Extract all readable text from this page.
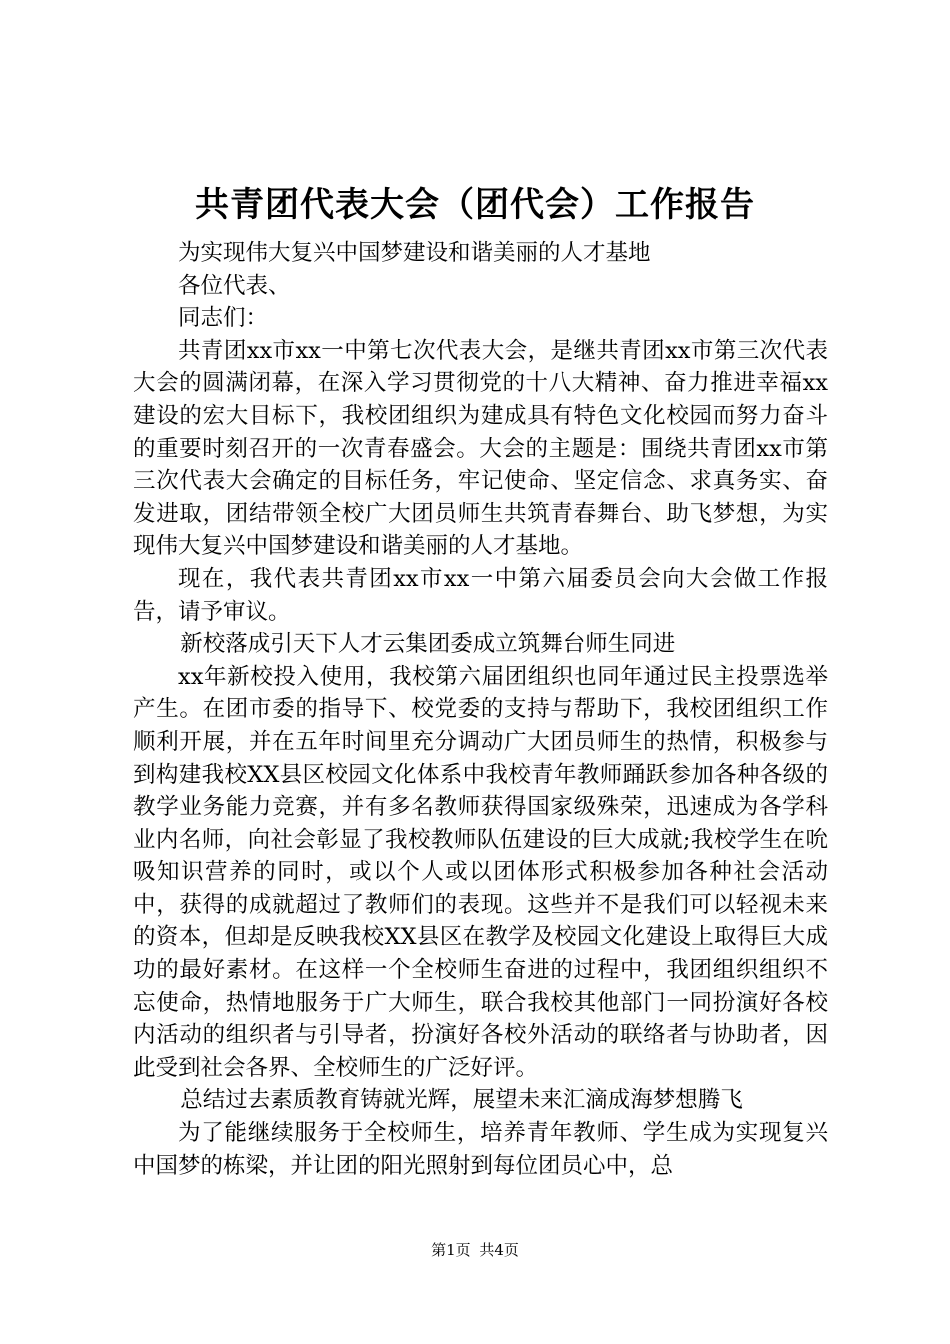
共青团代表大会（团代会）工作报告

为实现伟大复兴中国梦建设和谐美丽的人才基地

各位代表、

同志们：

共青团xx市xx一中第七次代表大会，是继共青团xx市第三次代表大会的圆满闭幕，在深入学习贯彻党的十八大精神、奋力推进幸福xx建设的宏大目标下，我校团组织为建成具有特色文化校园而努力奋斗的重要时刻召开的一次青春盛会。大会的主题是：围绕共青团xx市第三次代表大会确定的目标任务，牢记使命、坚定信念、求真务实、奋发进取，团结带领全校广大团员师生共筑青春舞台、助飞梦想，为实现伟大复兴中国梦建设和谐美丽的人才基地。

现在，我代表共青团xx市xx一中第六届委员会向大会做工作报告，请予审议。

新校落成引天下人才云集团委成立筑舞台师生同进

xx年新校投入使用，我校第六届团组织也同年通过民主投票选举产生。在团市委的指导下、校党委的支持与帮助下，我校团组织工作顺利开展，并在五年时间里充分调动广大团员师生的热情，积极参与到构建我校XX县区校园文化体系中我校青年教师踊跃参加各种各级的教学业务能力竞赛，并有多名教师获得国家级殊荣，迅速成为各学科业内名师，向社会彰显了我校教师队伍建设的巨大成就;我校学生在吮吸知识营养的同时，或以个人或以团体形式积极参加各种社会活动中，获得的成就超过了教师们的表现。这些并不是我们可以轻视未来的资本，但却是反映我校XX县区在教学及校园文化建设上取得巨大成功的最好素材。在这样一个全校师生奋进的过程中，我团组织组织不忘使命，热情地服务于广大师生，联合我校其他部门一同扮演好各校内活动的组织者与引导者，扮演好各校外活动的联络者与协助者，因此受到社会各界、全校师生的广泛好评。

总结过去素质教育铸就光辉，展望未来汇滴成海梦想腾飞

为了能继续服务于全校师生，培养青年教师、学生成为实现复兴中国梦的栋梁，并让团的阳光照射到每位团员心中，总

第1页 共4页
